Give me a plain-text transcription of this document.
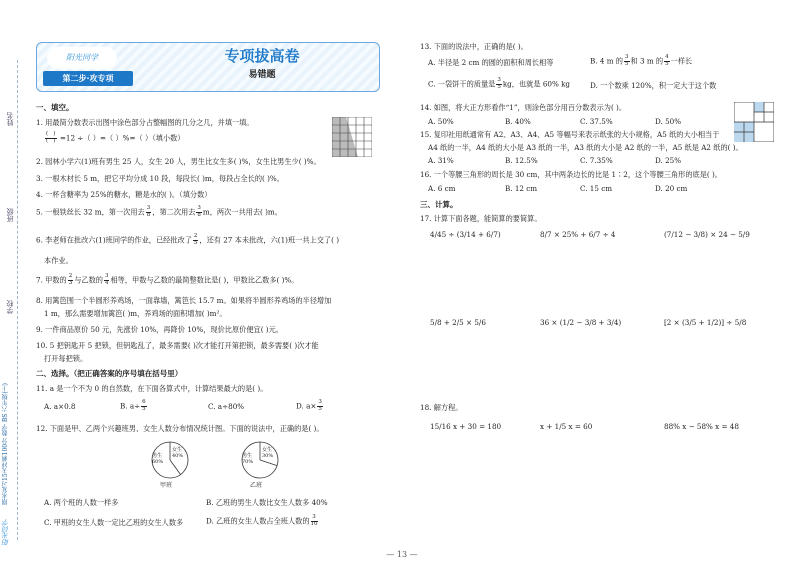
姓名
班级
学校
期末复习15天冲刺100分 数学 BS 六年级(上)
阳光同学
阳光同学
第二步·攻专项
专项拔高卷
易错题
一、填空。
1. 用最简分数表示出图中涂色部分占整幅图的几分之几，并填一填。
$\frac{( )}{( )} =12$ ÷（ ）=（ ）%=（ ）（填小数）
2. 园林小学六(1)班有男生 25 人，女生 20 人，男生比女生多( )%，女生比男生少( )%。
3. 一根木材长 5 m，把它平均分成 10 段，每段长( )m，每段占全长的( )%。
4. 一杯含糖率为 25%的糖水，糖是水的( )。（填分数）
5. 一根铁丝长 32 m，第一次用去 $\frac{3}{8}$ ，第二次用去 $\frac{3}{8}$ m，两次一共用去( )m。
6. 李老师在批改六(1)班同学的作业，已经批改了 $\frac{2}{5}$ ，还有 27 本未批改，六(1)班一共上交了( )
本作业。
7. 甲数的 $\frac{2}{3}$ 与乙数的 $\frac{3}{4}$ 相等，甲数与乙数的最简整数比是( )，甲数比乙数多( )%。
8. 用篱笆围一个半圆形养鸡场，一面靠墙，篱笆长 15.7 m。如果将半圆形养鸡场的半径增加
1 m，那么需要增加篱笆( )m，养鸡场的面积增加( )m²。
9. 一件商品原价 50 元，先涨价 10%，再降价 10%，现价比原价便宜( )元。
10. 5 把钥匙开 5 把锁，但钥匙乱了，最多需要( )次才能打开第把锁，最多需要( )次才能
打开每把锁。
二、选择。（把正确答案的序号填在括号里）
11. a 是一个不为 0 的自然数，在下面各算式中，计算结果最大的是( )。
A. a×0.8	B. $a\div \frac{6}{5}$	C. a÷80%	D. $a\times \frac{3}{5}$
12. 下面是甲、乙两个兴趣班男、女生人数分布情况统计图。下面的说法中，正确的是( )。
男生 60%
女生 40%
甲班
男生 70%
女生 30%
乙班
A. 两个班的人数一样多	B. 乙班的男生人数比女生人数多 40%
C. 甲班的女生人数一定比乙班的女生人数多	D. 乙班的女生人数占全班人数的 $\frac{3}{10}$
13. 下面的说法中，正确的是( )。
A. 半径是 2 cm 的圆的面积和周长相等	B. 4 m 的 $\frac{3}{5}$ 和 3 m 的 $\frac{4}{5}$ 一样长
C. 一袋饼干的质量是 $\frac{3}{5}$ kg，也就是 60% kg	D. 一个数乘 120%，积一定大于这个数
14. 如图，将大正方形看作“1”，则涂色部分用百分数表示为( )。
A. 50%	B. 40%	C. 37.5%	D. 50%
15. 复印社用纸通常有 A2、A3、A4、A5 等幅号来表示纸张的大小规格，A5 纸的大小相当于
A4 纸的一半，A4 纸的大小是 A3 纸的一半，A3 纸的大小是 A2 纸的一半，A5 纸是 A2 纸的( )。
A. 31%	B. 12.5%	C. 7.35%	D. 25%
16. 一个等腰三角形的周长是 30 cm，其中两条边长的比是 1∶2，这个等腰三角形的底是( )。
A. 6 cm	B. 12 cm	C. 15 cm	D. 20 cm
三、计算。
17. 计算下面各题，能简算的要简算。
4/45 ÷ (3/14 + 6/7)	8/7 × 25% + 6/7 ÷ 4	(7/12 − 3/8) × 24 − 5/9
5/8 + 2/5 × 5/6	36 × (1/2 − 3/8 + 3/4)	[2 × (3/5 + 1/2)] ÷ 5/8
18. 解方程。
15/16 x + 30 = 180	x + 1/5 x = 60	88% x − 58% x = 48
— 13 —
